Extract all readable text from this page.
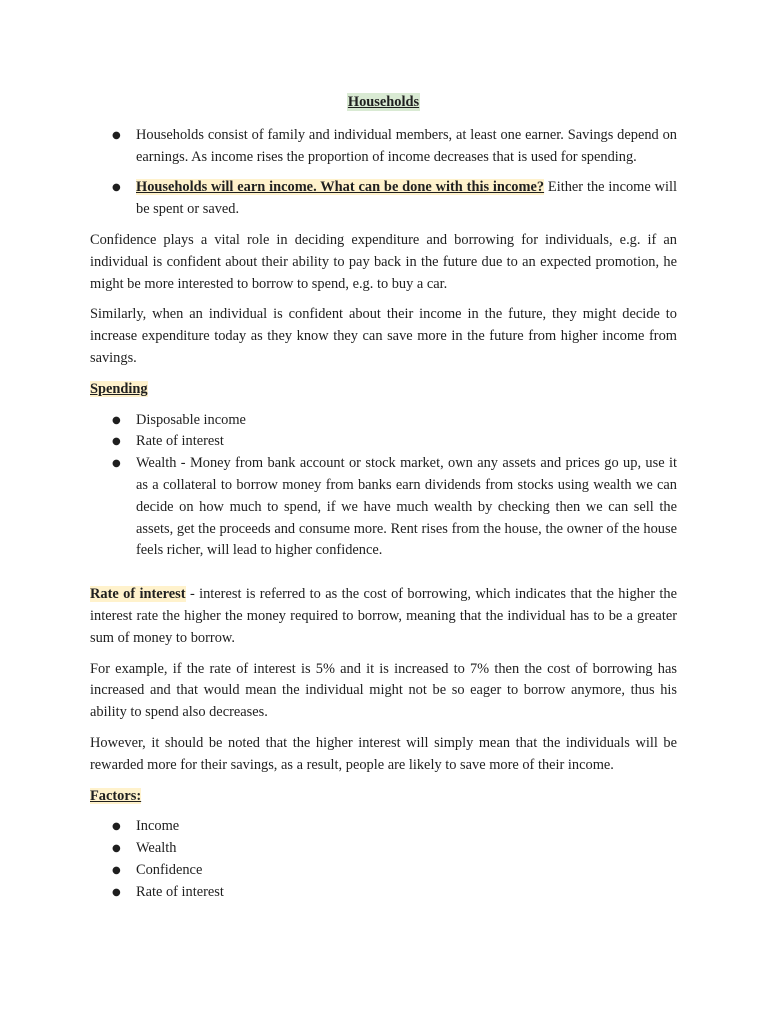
Households
● Households consist of family and individual members, at least one earner. Savings depend on earnings. As income rises the proportion of income decreases that is used for spending.
● Households will earn income. What can be done with this income? Either the income will be spent or saved.

Confidence plays a vital role in deciding expenditure and borrowing for individuals, e.g. if an individual is confident about their ability to pay back in the future due to an expected promotion, he might be more interested to borrow to spend, e.g. to buy a car.

Similarly, when an individual is confident about their income in the future, they might decide to increase expenditure today as they know they can save more in the future from higher income from savings.

Spending
● Disposable income
● Rate of interest
● Wealth - Money from bank account or stock market, own any assets and prices go up, use it as a collateral to borrow money from banks earn dividends from stocks using wealth we can decide on how much to spend, if we have much wealth by checking then we can sell the assets, get the proceeds and consume more. Rent rises from the house, the owner of the house feels richer, will lead to higher confidence.

Rate of interest - interest is referred to as the cost of borrowing, which indicates that the higher the interest rate the higher the money required to borrow, meaning that the individual has to be a greater sum of money to borrow.

For example, if the rate of interest is 5% and it is increased to 7% then the cost of borrowing has increased and that would mean the individual might not be so eager to borrow anymore, thus his ability to spend also decreases.

However, it should be noted that the higher interest will simply mean that the individuals will be rewarded more for their savings, as a result, people are likely to save more of their income.

Factors:
● Income
● Wealth
● Confidence
● Rate of interest
